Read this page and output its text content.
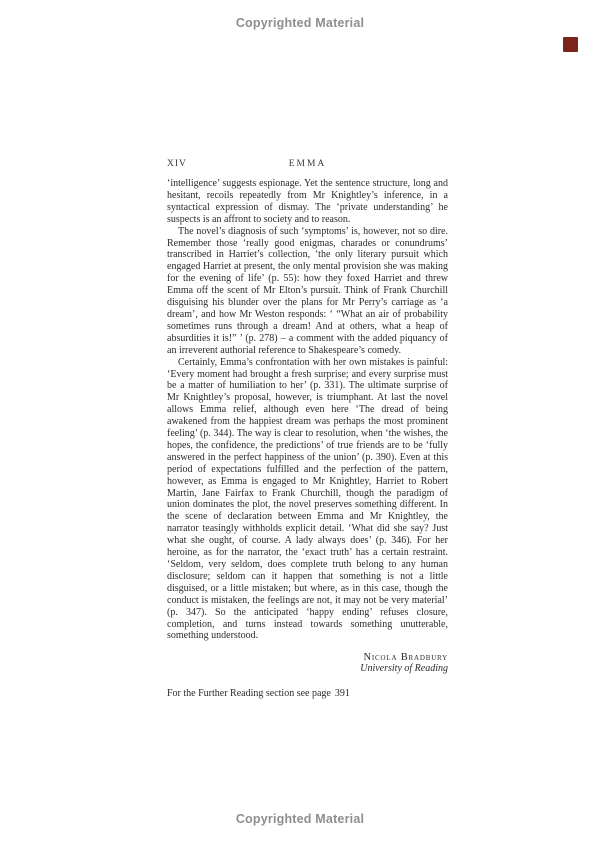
Copyrighted Material
XIV	EMMA

‘intelligence’ suggests espionage. Yet the sentence structure, long and hesitant, recoils repeatedly from Mr Knightley’s inference, in a syntactical expression of dismay. The ‘private understanding’ he suspects is an affront to society and to reason.

The novel’s diagnosis of such ‘symptoms’ is, however, not so dire. Remember those ‘really good enigmas, charades or conundrums’ transcribed in Harriet’s collection, ‘the only literary pursuit which engaged Harriet at present, the only mental provision she was making for the evening of life’ (p. 55): how they foxed Harriet and threw Emma off the scent of Mr Elton’s pursuit. Think of Frank Churchill disguising his blunder over the plans for Mr Perry’s carriage as ‘a dream’, and how Mr Weston responds: ‘ “What an air of probability sometimes runs through a dream! And at others, what a heap of absurdities it is!” ’ (p. 278) – a comment with the added piquancy of an irreverent authorial reference to Shakespeare’s comedy.

Certainly, Emma’s confrontation with her own mistakes is painful: ‘Every moment had brought a fresh surprise; and every surprise must be a matter of humiliation to her’ (p. 331). The ultimate surprise of Mr Knightley’s proposal, however, is triumphant. At last the novel allows Emma relief, although even here ‘The dread of being awakened from the happiest dream was perhaps the most prominent feeling’ (p. 344). The way is clear to resolution, when ‘the wishes, the hopes, the confidence, the predictions’ of true friends are to be ‘fully answered in the perfect happiness of the union’ (p. 390). Even at this period of expectations fulfilled and the perfection of the pattern, however, as Emma is engaged to Mr Knightley, Harriet to Robert Martin, Jane Fairfax to Frank Churchill, though the paradigm of union dominates the plot, the novel preserves something different. In the scene of declaration between Emma and Mr Knightley, the narrator teasingly withholds explicit detail. ‘What did she say? Just what she ought, of course. A lady always does’ (p. 346). For her heroine, as for the narrator, the ‘exact truth’ has a certain restraint. ‘Seldom, very seldom, does complete truth belong to any human disclosure; seldom can it happen that something is not a little disguised, or a little mistaken; but where, as in this case, though the conduct is mistaken, the feelings are not, it may not be very material’ (p. 347). So the anticipated ‘happy ending’ refuses closure, completion, and turns instead towards something unutterable, something understood.

Nicola Bradbury
University of Reading

For the Further Reading section see page 391

Copyrighted Material
